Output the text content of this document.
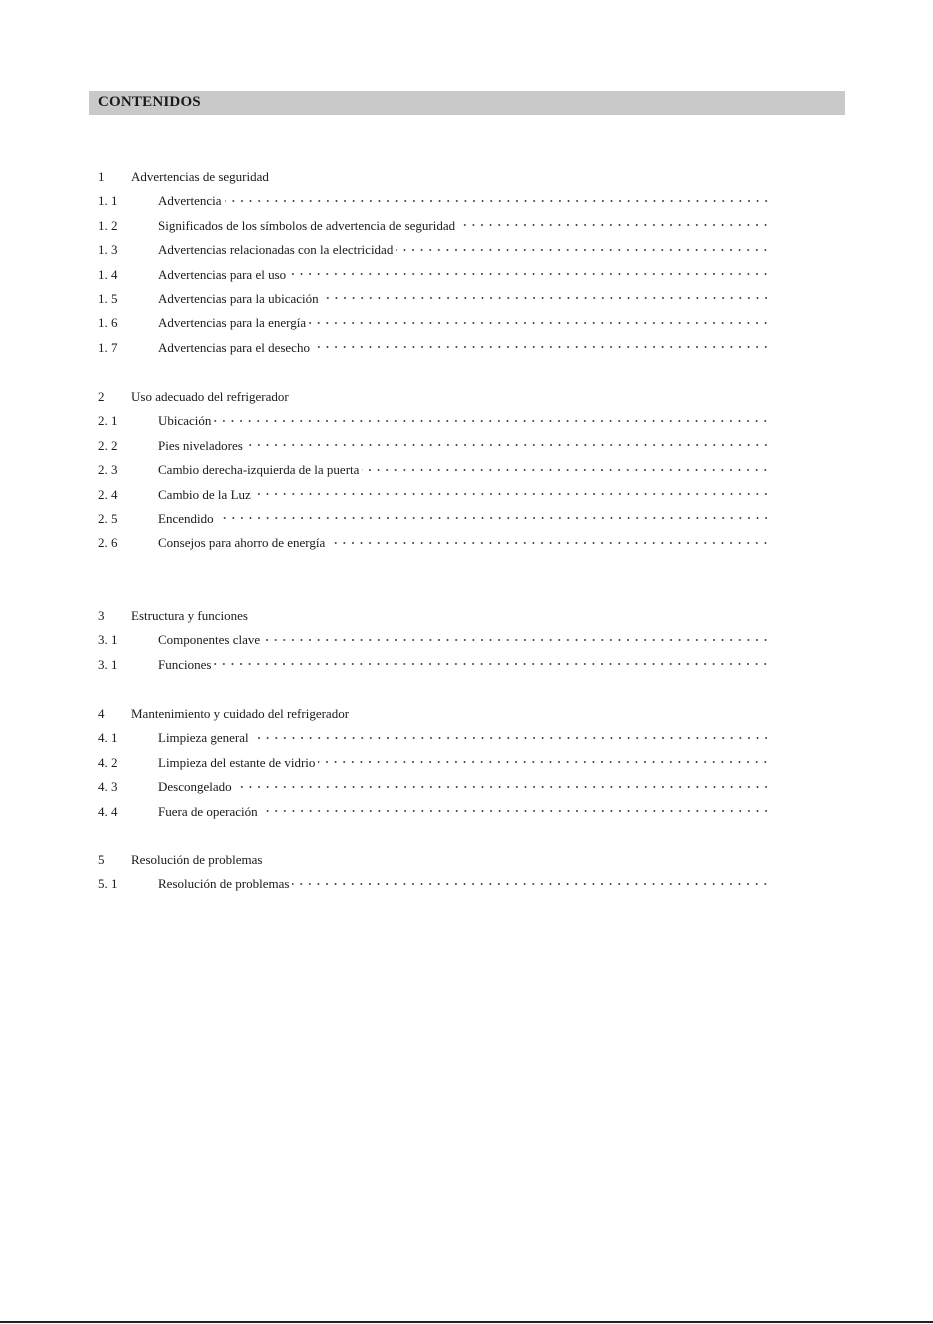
CONTENIDOS
1 Advertencias de seguridad
1. 1	Advertencia
1. 2	Significados de los símbolos de advertencia de seguridad
1. 3	Advertencias relacionadas con la electricidad
1. 4	Advertencias para el uso
1. 5	Advertencias para la ubicación
1. 6	Advertencias para la energía
1. 7	Advertencias para el desecho
2 Uso adecuado del refrigerador
2. 1	Ubicación
2. 2	Pies niveladores
2. 3	Cambio derecha-izquierda de la puerta
2. 4	Cambio de la Luz
2. 5	Encendido
2. 6	Consejos para ahorro de energía
3 Estructura y funciones
3. 1	Componentes clave
3. 1	Funciones
4 Mantenimiento y cuidado del refrigerador
4. 1	Limpieza general
4. 2	Limpieza del estante de vidrio
4. 3	Descongelado
4. 4	Fuera de operación
5 Resolución de problemas
5. 1	Resolución de problemas
